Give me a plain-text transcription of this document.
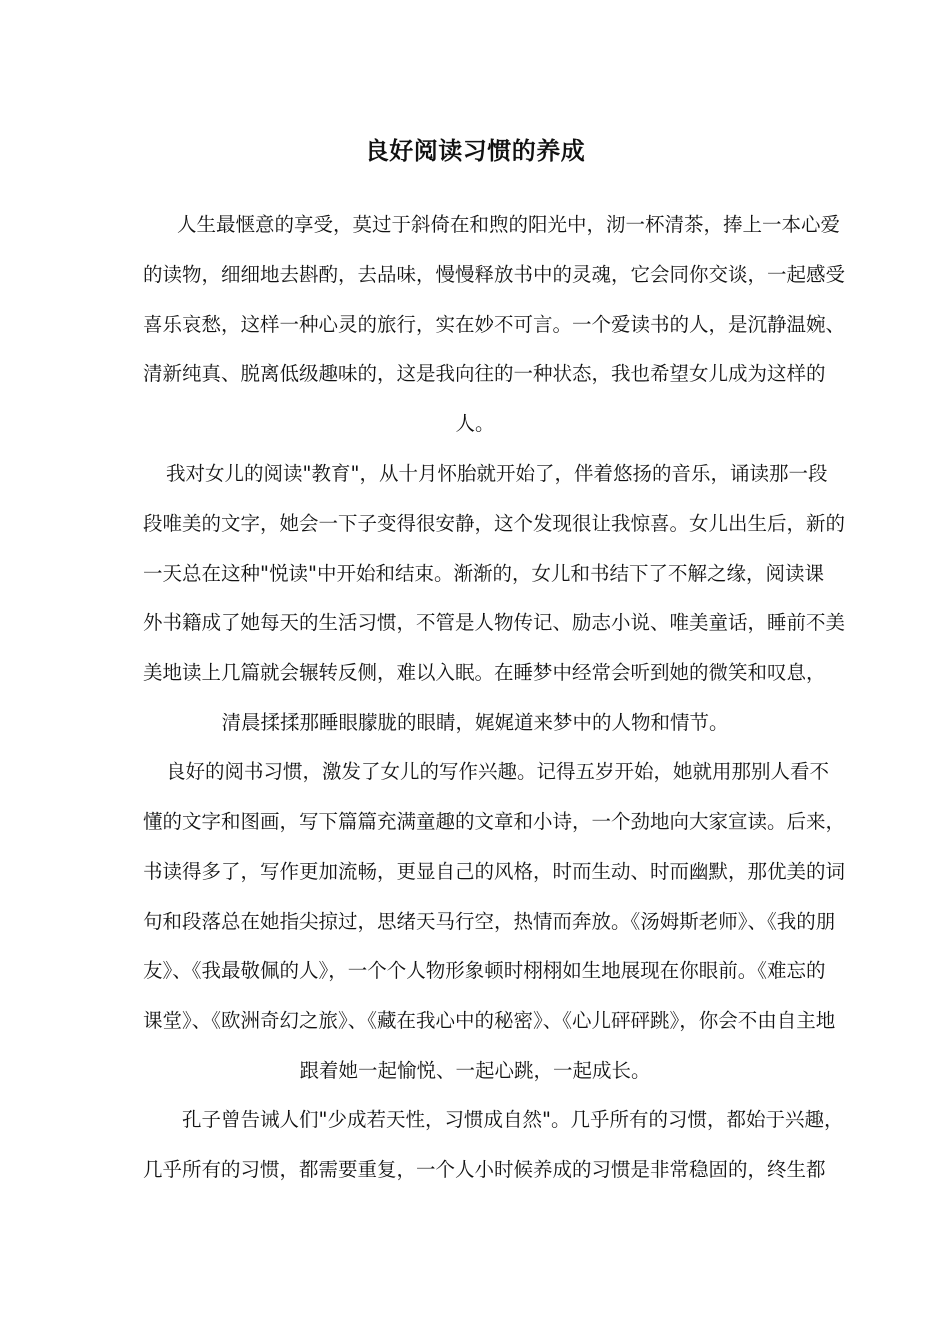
良好阅读习惯的养成
人生最惬意的享受，莫过于斜倚在和煦的阳光中，沏一杯清茶，捧上一本心爱
的读物，细细地去斟酌，去品味，慢慢释放书中的灵魂，它会同你交谈，一起感受
喜乐哀愁，这样一种心灵的旅行，实在妙不可言。一个爱读书的人，是沉静温婉、
清新纯真、脱离低级趣味的，这是我向往的一种状态，我也希望女儿成为这样的
人。
我对女儿的阅读"教育"，从十月怀胎就开始了，伴着悠扬的音乐，诵读那一段
段唯美的文字，她会一下子变得很安静，这个发现很让我惊喜。女儿出生后，新的
一天总在这种"悦读"中开始和结束。渐渐的，女儿和书结下了不解之缘，阅读课
外书籍成了她每天的生活习惯，不管是人物传记、励志小说、唯美童话，睡前不美
美地读上几篇就会辗转反侧，难以入眠。在睡梦中经常会听到她的微笑和叹息，
清晨揉揉那睡眼朦胧的眼睛，娓娓道来梦中的人物和情节。
良好的阅书习惯，激发了女儿的写作兴趣。记得五岁开始，她就用那别人看不
懂的文字和图画，写下篇篇充满童趣的文章和小诗，一个劲地向大家宣读。后来，
书读得多了，写作更加流畅，更显自己的风格，时而生动、时而幽默，那优美的词
句和段落总在她指尖掠过，思绪天马行空，热情而奔放。《汤姆斯老师》、《我的朋
友》、《我最敬佩的人》，一个个人物形象顿时栩栩如生地展现在你眼前。《难忘的
课堂》、《欧洲奇幻之旅》、《藏在我心中的秘密》、《心儿砰砰跳》，你会不由自主地
跟着她一起愉悦、一起心跳，一起成长。
孔子曾告诫人们"少成若天性，习惯成自然"。几乎所有的习惯，都始于兴趣，
几乎所有的习惯，都需要重复，一个人小时候养成的习惯是非常稳固的，终生都
